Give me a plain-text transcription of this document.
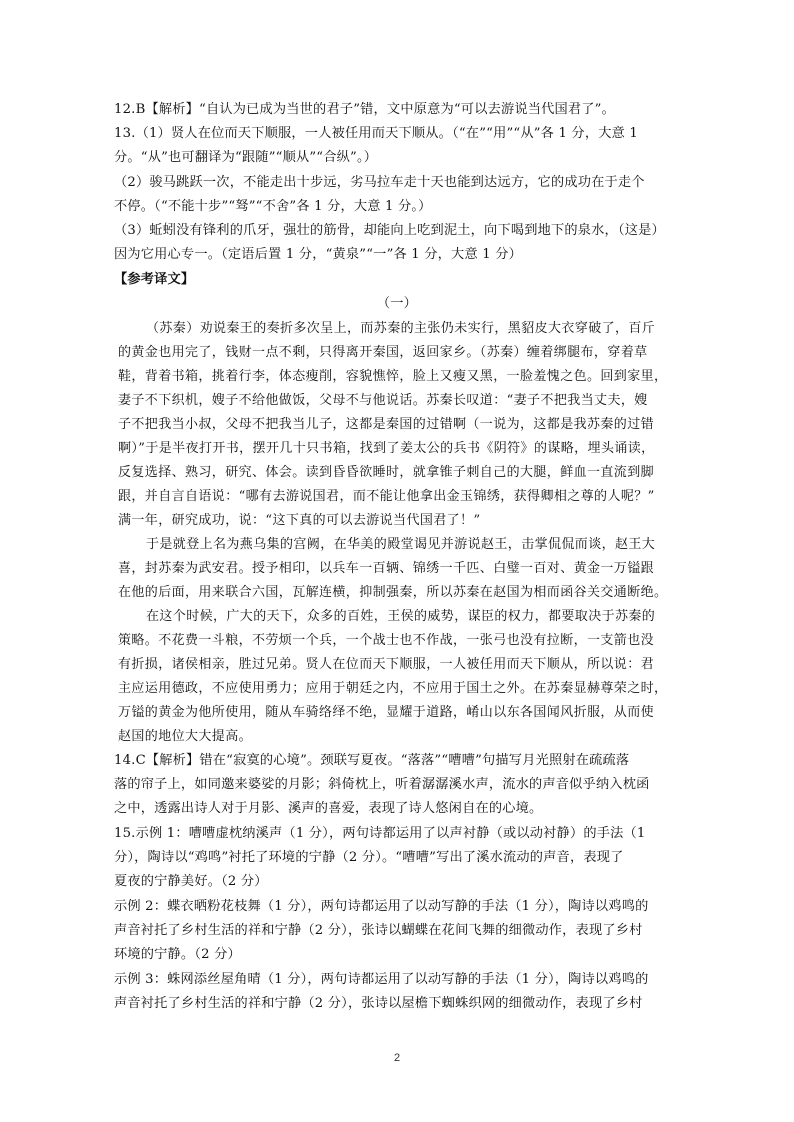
12.B【解析】“自认为已成为当世的君子”错，文中原意为“可以去游说当代国君了”。

13.（1）贤人在位而天下顺服，一人被任用而天下顺从。（“在”“用”“从”各 1 分，大意 1

分。“从”也可翻译为“跟随”“顺从”“合纵”。）

（2）骏马跳跃一次，不能走出十步远，劣马拉车走十天也能到达远方，它的成功在于走个

不停。（“不能十步”“驽”“不舍”各 1 分，大意 1 分。）

（3）蚯蚓没有锋利的爪牙，强壮的筋骨，却能向上吃到泥土，向下喝到地下的泉水，（这是）

因为它用心专一。（定语后置 1 分，“黄泉”“一”各 1 分，大意 1 分）

【参考译文】

（一）

（苏秦）劝说秦王的奏折多次呈上，而苏秦的主张仍未实行，黑貂皮大衣穿破了，百斤

的黄金也用完了，钱财一点不剩，只得离开秦国，返回家乡。（苏秦）缠着绑腿布，穿着草

鞋，背着书箱，挑着行李，体态瘦削，容貌憔悴，脸上又瘦又黑，一脸羞愧之色。回到家里，

妻子不下织机，嫂子不给他做饭，父母不与他说话。苏秦长叹道：“妻子不把我当丈夫，嫂

子不把我当小叔，父母不把我当儿子，这都是秦国的过错啊（一说为，这都是我苏秦的过错

啊）”于是半夜打开书，摆开几十只书箱，找到了姜太公的兵书《阴符》的谋略，埋头诵读，

反复选择、熟习，研究、体会。读到昏昏欲睡时，就拿锥子刺自己的大腿，鲜血一直流到脚

跟，并自言自语说：“哪有去游说国君，而不能让他拿出金玉锦绣，获得卿相之尊的人呢？”

满一年，研究成功，说：“这下真的可以去游说当代国君了！”

于是就登上名为燕乌集的宫阙，在华美的殿堂谒见并游说赵王，击掌侃侃而谈，赵王大

喜，封苏秦为武安君。授予相印，以兵车一百辆、锦绣一千匹、白璧一百对、黄金一万镒跟

在他的后面，用来联合六国，瓦解连横，抑制强秦，所以苏秦在赵国为相而函谷关交通断绝。

在这个时候，广大的天下，众多的百姓，王侯的威势，谋臣的权力，都要取决于苏秦的

策略。不花费一斗粮，不劳烦一个兵，一个战士也不作战，一张弓也没有拉断，一支箭也没

有折损，诸侯相亲，胜过兄弟。贤人在位而天下顺服，一人被任用而天下顺从，所以说：君

主应运用德政，不应使用勇力；应用于朝廷之内，不应用于国土之外。在苏秦显赫尊荣之时，

万镒的黄金为他所使用，随从车骑络绎不绝，显耀于道路，崤山以东各国闻风折服，从而使

赵国的地位大大提高。

14.C【解析】错在“寂寞的心境”。颈联写夏夜。“落落”“嘈嘈”句描写月光照射在疏疏落

落的帘子上，如同邀来婆娑的月影；斜倚枕上，听着潺潺溪水声，流水的声音似乎纳入枕函

之中，透露出诗人对于月影、溪声的喜爱，表现了诗人悠闲自在的心境。

15.示例 1：嘈嘈虚枕纳溪声（1 分），两句诗都运用了以声衬静（或以动衬静）的手法（1

分），陶诗以“鸡鸣”衬托了环境的宁静（2 分）。“嘈嘈”写出了溪水流动的声音，表现了

夏夜的宁静美好。（2 分）

示例 2：蝶衣晒粉花枝舞（1 分），两句诗都运用了以动写静的手法（1 分），陶诗以鸡鸣的

声音衬托了乡村生活的祥和宁静（2 分），张诗以蝴蝶在花间飞舞的细微动作，表现了乡村

环境的宁静。（2 分）

示例 3：蛛网添丝屋角晴（1 分），两句诗都运用了以动写静的手法（1 分），陶诗以鸡鸣的

声音衬托了乡村生活的祥和宁静（2 分），张诗以屋檐下蜘蛛织网的细微动作，表现了乡村

2
